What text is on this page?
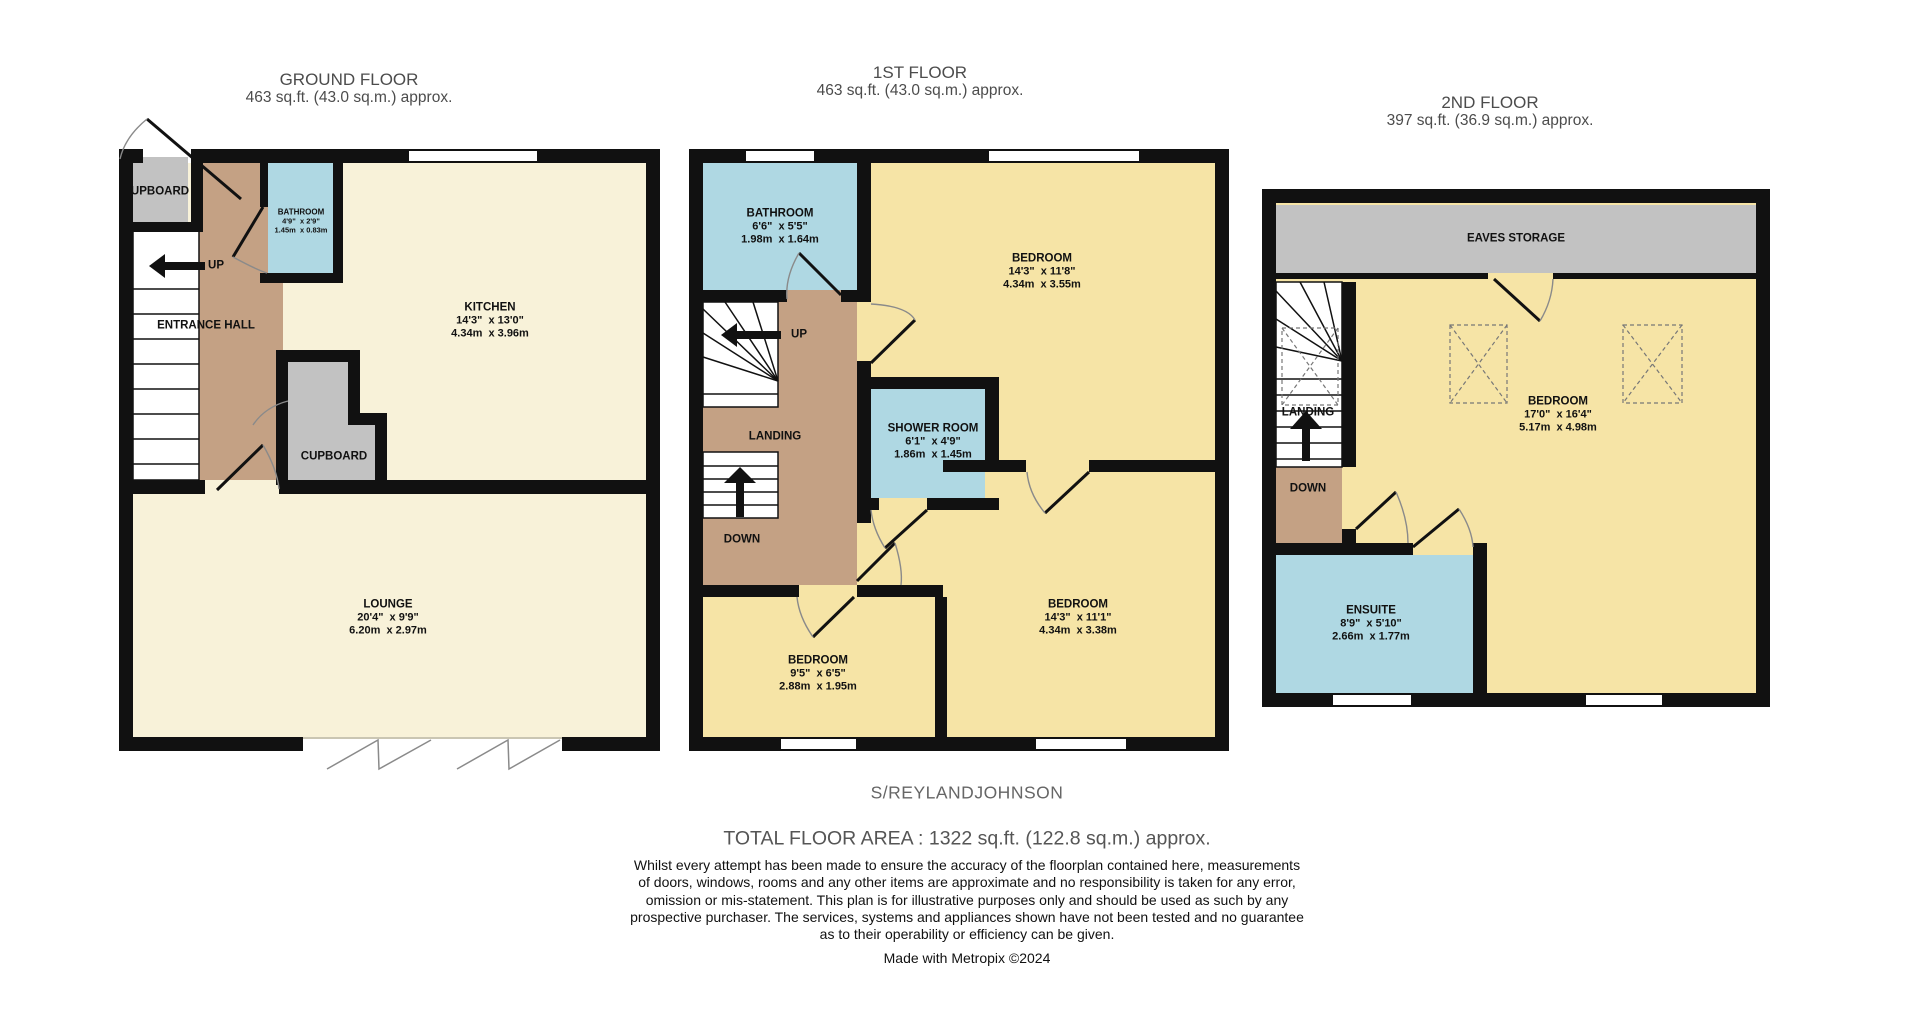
GROUND FLOOR
463 sq.ft. (43.0 sq.m.) approx.
1ST FLOOR
463 sq.ft. (43.0 sq.m.) approx.
2ND FLOOR
397 sq.ft. (36.9 sq.m.) approx.
UPBOARD
BATHROOM
4'9"  x 2'9"
1.45m  x 0.83m
UP
KITCHEN
14'3"  x 13'0"
4.34m  x 3.96m
ENTRANCE HALL
CUPBOARD
LOUNGE
20'4"  x 9'9"
6.20m  x 2.97m
BATHROOM
6'6"  x 5'5"
1.98m  x 1.64m
BEDROOM
14'3"  x 11'8"
4.34m  x 3.55m
UP
LANDING
SHOWER ROOM
6'1"  x 4'9"
1.86m  x 1.45m
DOWN
BEDROOM
14'3"  x 11'1"
4.34m  x 3.38m
BEDROOM
9'5"  x 6'5"
2.88m  x 1.95m
EAVES STORAGE
LANDING
BEDROOM
17'0"  x 16'4"
5.17m  x 4.98m
DOWN
ENSUITE
8'9"  x 5'10"
2.66m  x 1.77m
S/REYLANDJOHNSON
TOTAL FLOOR AREA : 1322 sq.ft. (122.8 sq.m.) approx.
Whilst every attempt has been made to ensure the accuracy of the floorplan contained here, measurements
of doors, windows, rooms and any other items are approximate and no responsibility is taken for any error,
omission or mis-statement. This plan is for illustrative purposes only and should be used as such by any
prospective purchaser. The services, systems and appliances shown have not been tested and no guarantee
as to their operability or efficiency can be given.
Made with Metropix ©2024
